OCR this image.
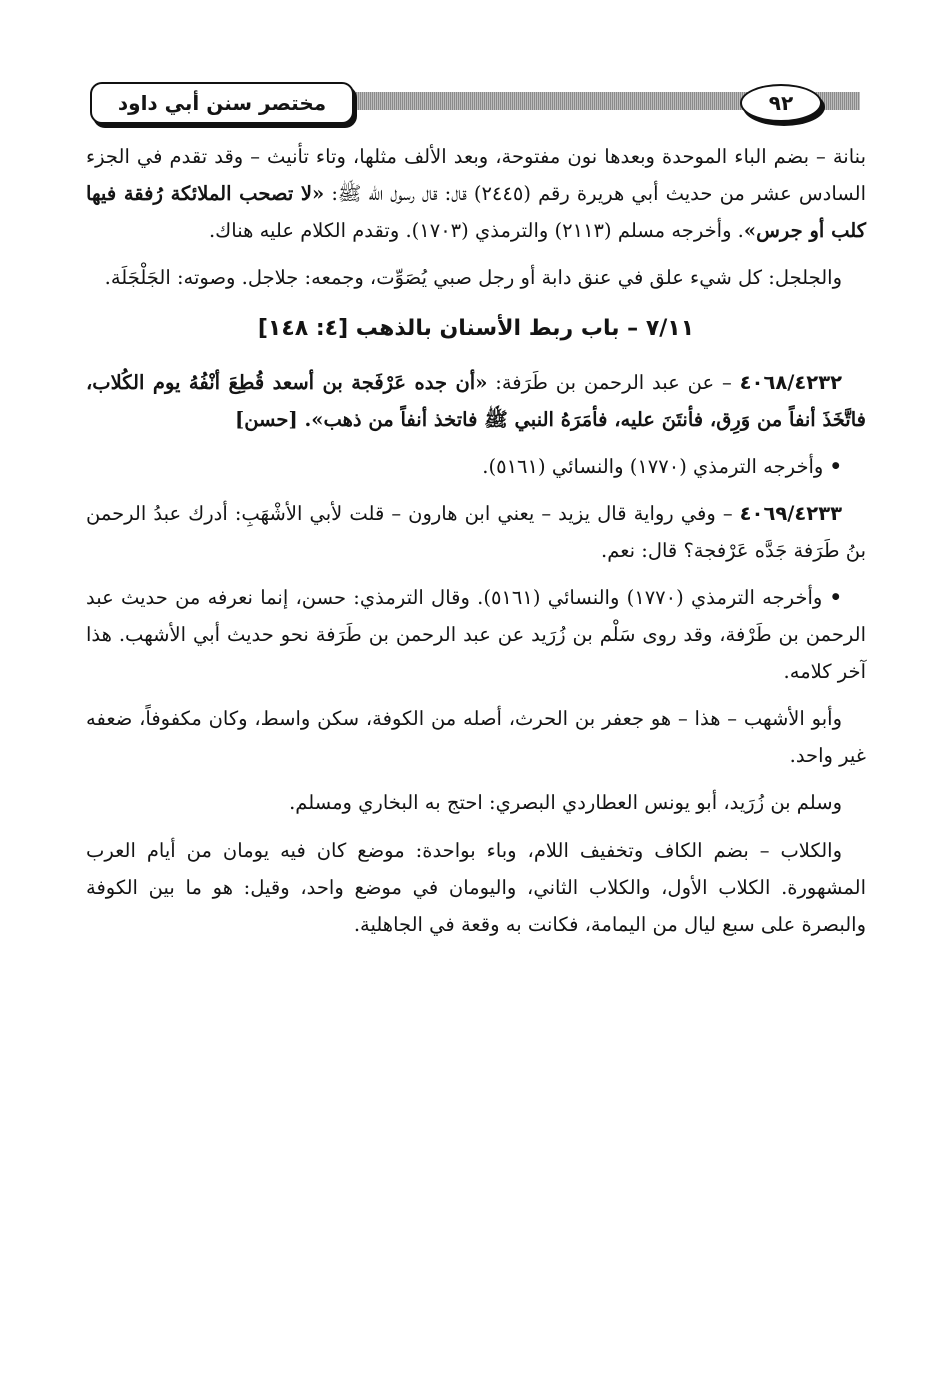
مختصر سنن أبي داود	٩٢

بنانة – بضم الباء الموحدة وبعدها نون مفتوحة، وبعد الألف مثلها، وتاء تأنيث – وقد تقدم في الجزء السادس عشر من حديث أبي هريرة رقم (٢٤٤٥) قال: قال رسول الله ﷺ: «لا تصحب الملائكة رُفقة فيها كلب أو جرس». وأخرجه مسلم (٢١١٣) والترمذي (١٧٠٣). وتقدم الكلام عليه هناك.

والجلجل: كل شيء علق في عنق دابة أو رجل صبي يُصَوِّت، وجمعه: جلاجل. وصوته: الجَلْجَلَة.

٧/١١ – باب ربط الأسنان بالذهب [٤: ١٤٨]

٤٠٦٨/٤٢٣٢ – عن عبد الرحمن بن طَرَفة: «أن جده عَرْفَجة بن أسعد قُطِعَ أنْفُهُ يوم الكُلاب، فاتَّخَذَ أنفاً من وَرِق، فأنتَنَ عليه، فأمَرَهُ النبي ﷺ فاتخذ أنفاً من ذهب». [حسن]

• وأخرجه الترمذي (١٧٧٠) والنسائي (٥١٦١).

٤٠٦٩/٤٢٣٣ – وفي رواية قال يزيد – يعني ابن هارون – قلت لأبي الأشْهَبِ: أدرك عبدُ الرحمن بنُ طَرَفة جَدَّه عَرْفجة؟ قال: نعم.

• وأخرجه الترمذي (١٧٧٠) والنسائي (٥١٦١). وقال الترمذي: حسن، إنما نعرفه من حديث عبد الرحمن بن طَرْفة، وقد روى سَلْم بن زُرَيد عن عبد الرحمن بن طَرَفة نحو حديث أبي الأشهب. هذا آخر كلامه.

وأبو الأشهب – هذا – هو جعفر بن الحرث، أصله من الكوفة، سكن واسط، وكان مكفوفاً، ضعفه غير واحد.

وسلم بن زُرَيد، أبو يونس العطاردي البصري: احتج به البخاري ومسلم.

والكلاب – بضم الكاف وتخفيف اللام، وباء بواحدة: موضع كان فيه يومان من أيام العرب المشهورة. الكلاب الأول، والكلاب الثاني، واليومان في موضع واحد، وقيل: هو ما بين الكوفة والبصرة على سبع ليال من اليمامة، فكانت به وقعة في الجاهلية.
